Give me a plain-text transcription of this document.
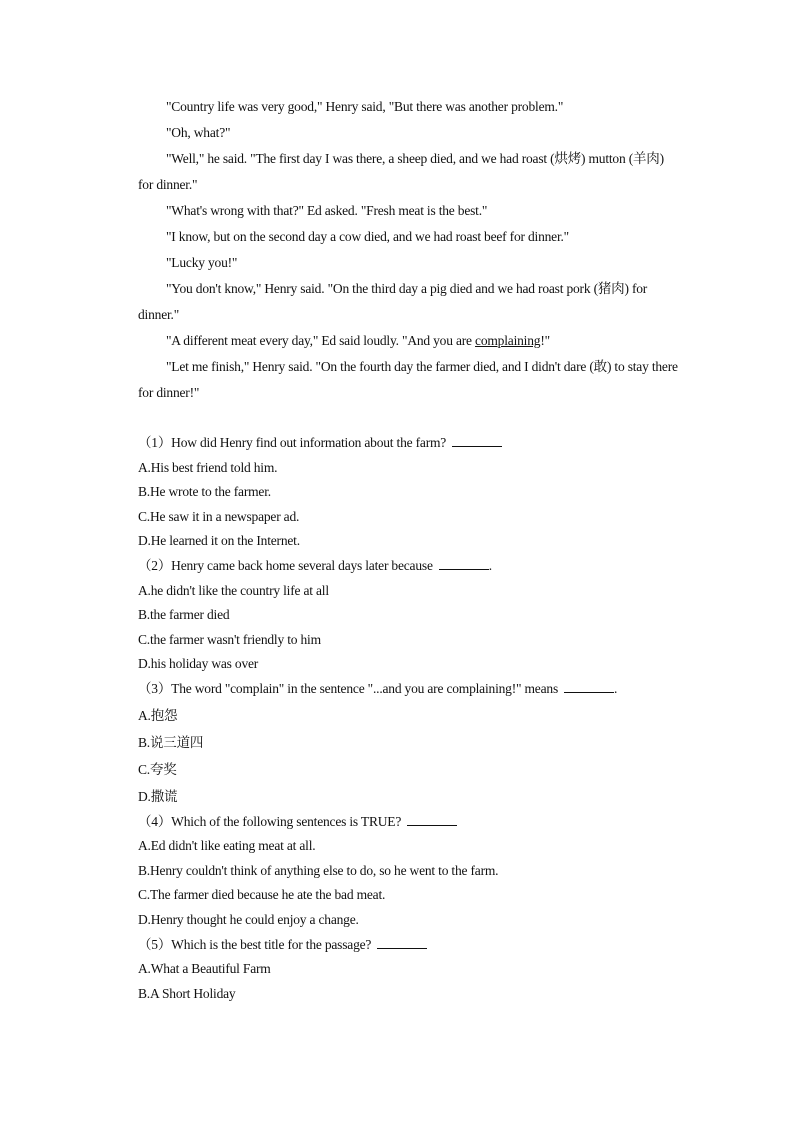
"Country life was very good," Henry said, "But there was another problem."

"Oh, what?"

"Well," he said. "The first day I was there, a sheep died, and we had roast (烘烤) mutton (羊肉) for dinner."

"What's wrong with that?" Ed asked. "Fresh meat is the best."

"I know, but on the second day a cow died, and we had roast beef for dinner."

"Lucky you!"

"You don't know," Henry said. "On the third day a pig died and we had roast pork (猪肉) for dinner."

"A different meat every day," Ed said loudly. "And you are complaining!"

"Let me finish," Henry said. "On the fourth day the farmer died, and I didn't dare (敢) to stay there for dinner!"

（1）How did Henry find out information about the farm?

A.His best friend told him.

B.He wrote to the farmer.

C.He saw it in a newspaper ad.

D.He learned it on the Internet.

（2）Henry came back home several days later because	.

A.he didn't like the country life at all

B.the farmer died

C.the farmer wasn't friendly to him

D.his holiday was over

（3）The word "complain" in the sentence "...and you are complaining!" means	.

A.抱怨

B.说三道四

C.夸奖

D.撒谎

（4）Which of the following sentences is TRUE?

A.Ed didn't like eating meat at all.

B.Henry couldn't think of anything else to do, so he went to the farm.

C.The farmer died because he ate the bad meat.

D.Henry thought he could enjoy a change.

（5）Which is the best title for the passage?

A.What a Beautiful Farm

B.A Short Holiday
